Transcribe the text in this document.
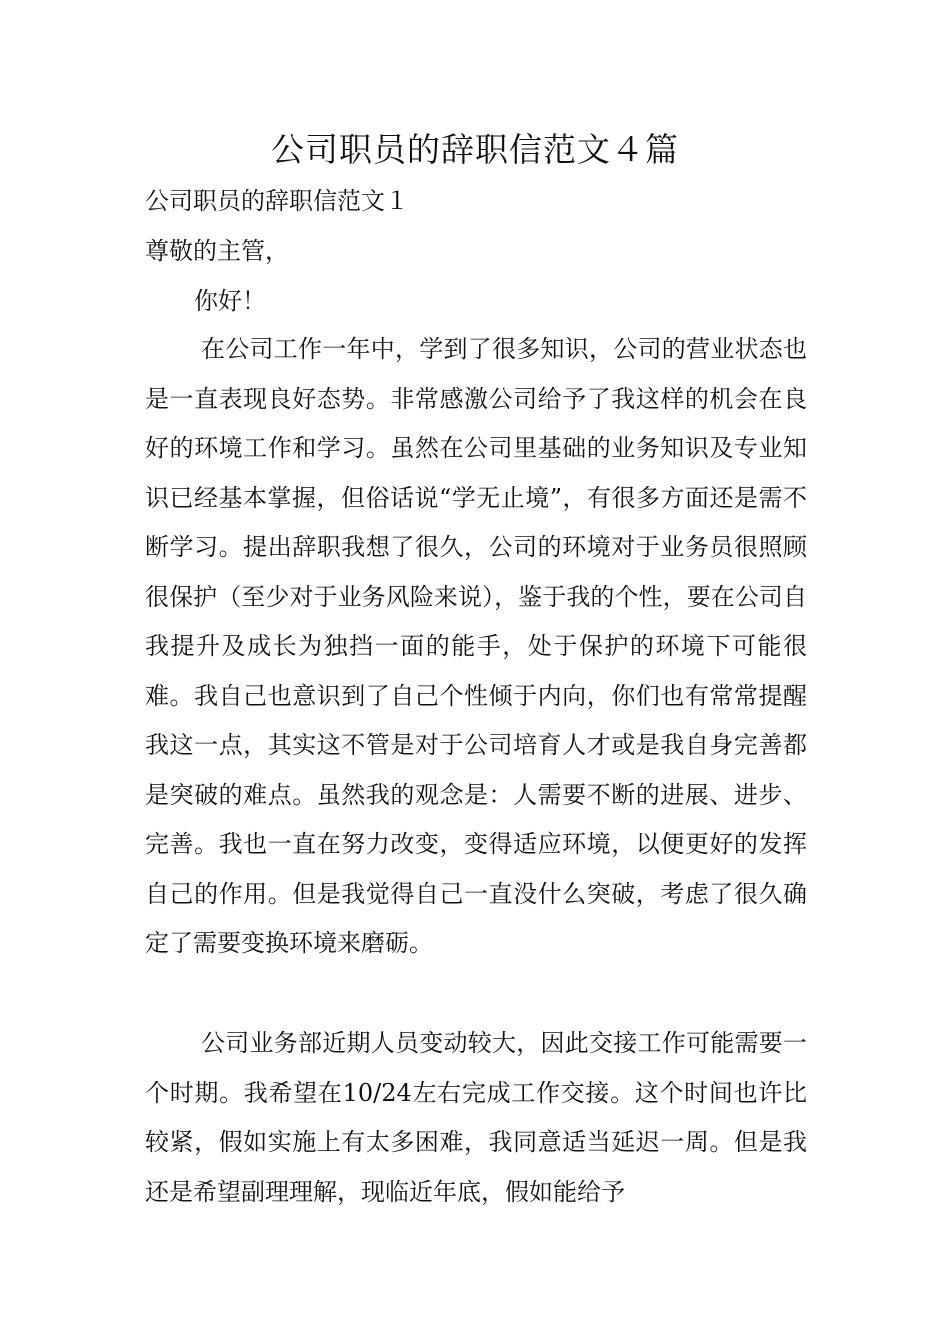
公司职员的辞职信范文４篇

公司职员的辞职信范文１

尊敬的主管，

你好！

在公司工作一年中，学到了很多知识，公司的营业状态也是一直表现良好态势。非常感激公司给予了我这样的机会在良好的环境工作和学习。虽然在公司里基础的业务知识及专业知识已经基本掌握，但俗话说“学无止境”，有很多方面还是需不断学习。提出辞职我想了很久，公司的环境对于业务员很照顾很保护（至少对于业务风险来说），鉴于我的个性，要在公司自我提升及成长为独挡一面的能手，处于保护的环境下可能很难。我自己也意识到了自己个性倾于内向，你们也有常常提醒我这一点，其实这不管是对于公司培育人才或是我自身完善都是突破的难点。虽然我的观念是：人需要不断的进展、进步、完善。我也一直在努力改变，变得适应环境，以便更好的发挥自己的作用。但是我觉得自己一直没什么突破，考虑了很久确定了需要变换环境来磨砺。

公司业务部近期人员变动较大，因此交接工作可能需要一个时期。我希望在10/24左右完成工作交接。这个时间也许比较紧，假如实施上有太多困难，我同意适当延迟一周。但是我还是希望副理理解，现临近年底，假如能给予
